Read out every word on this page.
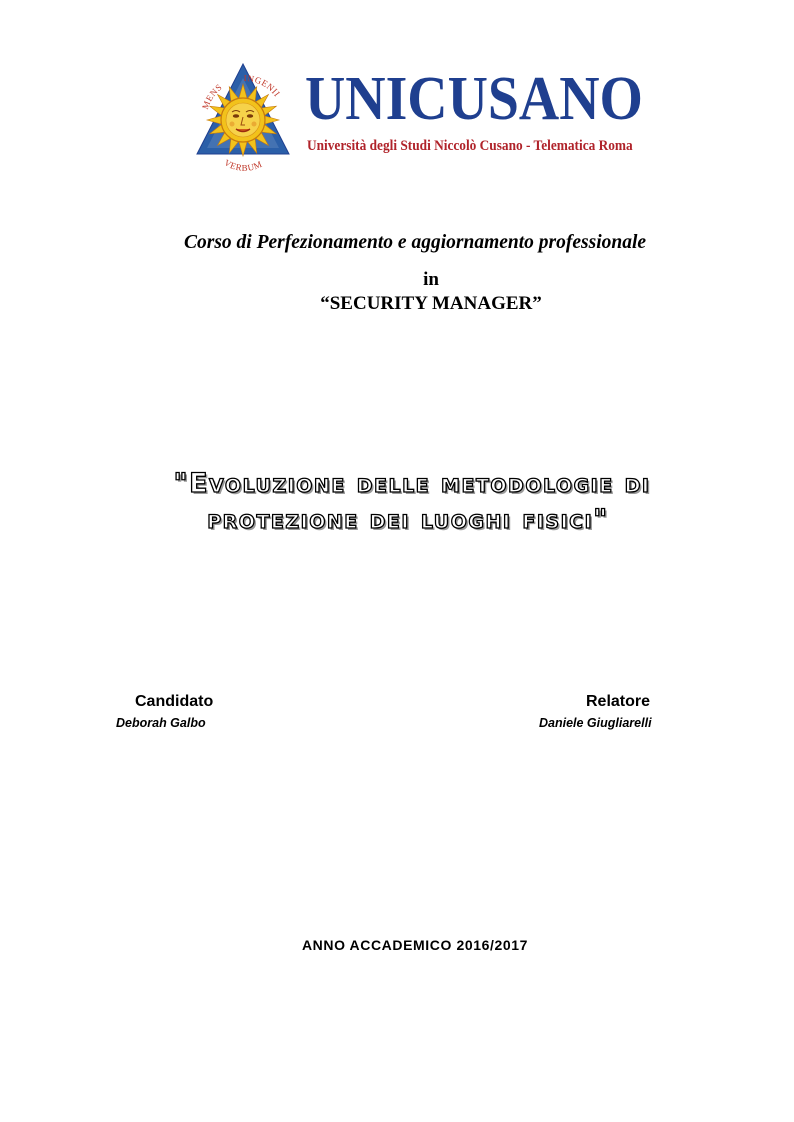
MENS
INGENII
VERBUM
UNICUSANO
Università degli Studi Niccolò Cusano - Telematica Roma
Corso di Perfezionamento e aggiornamento professionale
in
“SECURITY MANAGER”
"Evoluzione delle metodologie di
protezione dei luoghi fisici"
Candidato
Deborah Galbo
Relatore
Daniele Giugliarelli
ANNO ACCADEMICO 2016/2017
